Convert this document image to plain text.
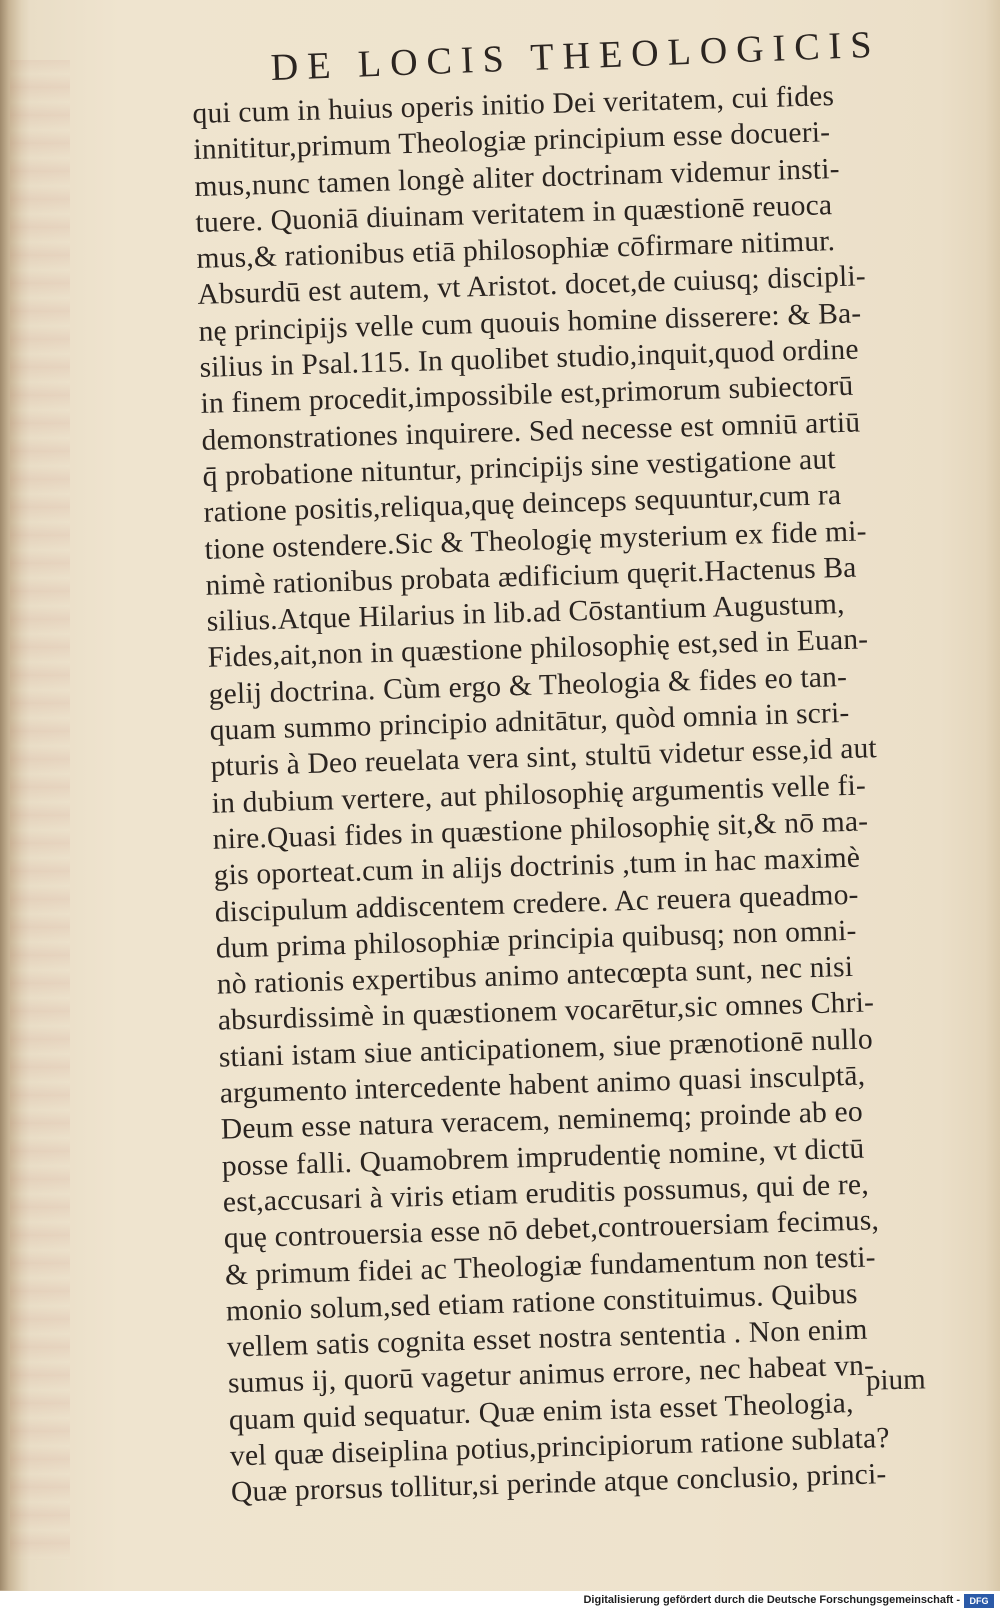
DE LOCIS THEOLOGICIS
qui cum in huius operis initio Dei veritatem, cui fides
innititur,primum Theologiæ principium esse docueri-
mus,nunc tamen longè aliter doctrinam videmur insti-
tuere. Quoniā diuinam veritatem in quæstionē reuoca
mus,& rationibus etiā philosophiæ cōfirmare nitimur.
Absurdū est autem, vt Aristot. docet,de cuiusq; discipli-
nę principijs velle cum quouis homine disserere: & Ba-
silius in Psal.115. In quolibet studio,inquit,quod ordine
in finem procedit,impossibile est,primorum subiectorū
demonstrationes inquirere. Sed necesse est omniū artiū
q̄ probatione nituntur, principijs sine vestigatione aut
ratione positis,reliqua,quę deinceps sequuntur,cum ra
tione ostendere.Sic & Theologię mysterium ex fide mi-
nimè rationibus probata ædificium quęrit.Hactenus Ba
silius.Atque Hilarius in lib.ad Cōstantium Augustum,
Fides,ait,non in quæstione philosophię est,sed in Euan-
gelij doctrina. Cùm ergo & Theologia & fides eo tan-
quam summo principio adnitātur, quòd omnia in scri-
pturis à Deo reuelata vera sint, stultū videtur esse,id aut
in dubium vertere, aut philosophię argumentis velle fi-
nire.Quasi fides in quæstione philosophię sit,& nō ma-
gis oporteat.cum in alijs doctrinis ,tum in hac maximè
discipulum addiscentem credere. Ac reuera queadmo-
dum prima philosophiæ principia quibusq; non omni-
nò rationis expertibus animo antecœpta sunt, nec nisi
absurdissimè in quæstionem vocarētur,sic omnes Chri-
stiani istam siue anticipationem, siue prænotionē nullo
argumento intercedente habent animo quasi insculptā,
Deum esse natura veracem, neminemq; proinde ab eo
posse falli. Quamobrem imprudentię nomine, vt dictū
est,accusari à viris etiam eruditis possumus, qui de re,
quę controuersia esse nō debet,controuersiam fecimus,
& primum fidei ac Theologiæ fundamentum non testi-
monio solum,sed etiam ratione constituimus. Quibus
vellem satis cognita esset nostra sententia . Non enim
sumus ij, quorū vagetur animus errore, nec habeat vn-
quam quid sequatur. Quæ enim ista esset Theologia,
vel quæ diseiplina potius,principiorum ratione sublata?
Quæ prorsus tollitur,si perinde atque conclusio, princi-
pium
Digitalisierung gefördert durch die Deutsche Forschungsgemeinschaft -	DFG
